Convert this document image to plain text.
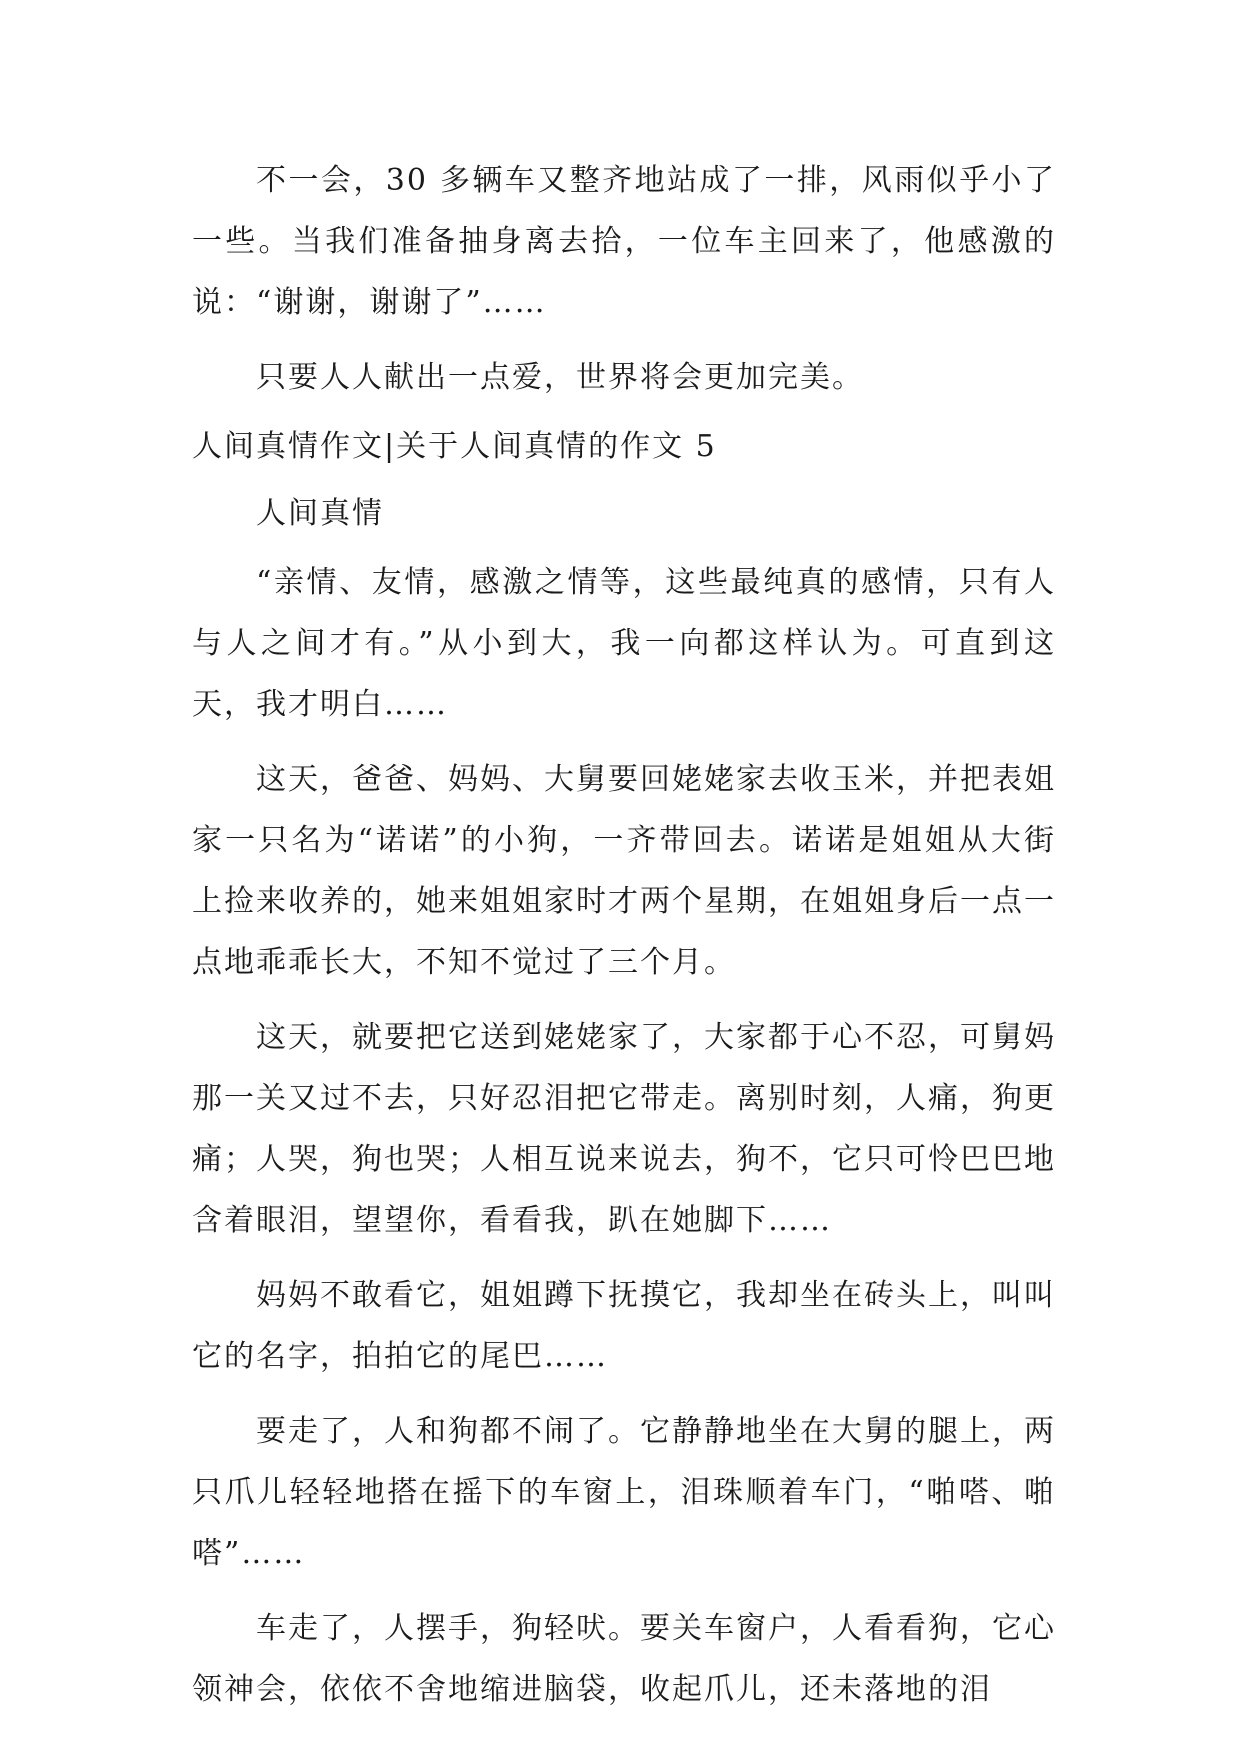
不一会，30 多辆车又整齐地站成了一排，风雨似乎小了一些。当我们准备抽身离去拾，一位车主回来了，他感激的说：“谢谢，谢谢了”……

只要人人献出一点爱，世界将会更加完美。

人间真情作文|关于人间真情的作文 5

人间真情

“亲情、友情，感激之情等，这些最纯真的感情，只有人与人之间才有。”从小到大，我一向都这样认为。可直到这天，我才明白……

这天，爸爸、妈妈、大舅要回姥姥家去收玉米，并把表姐家一只名为“诺诺”的小狗，一齐带回去。诺诺是姐姐从大街上捡来收养的，她来姐姐家时才两个星期，在姐姐身后一点一点地乖乖长大，不知不觉过了三个月。

这天，就要把它送到姥姥家了，大家都于心不忍，可舅妈那一关又过不去，只好忍泪把它带走。离别时刻，人痛，狗更痛；人哭，狗也哭；人相互说来说去，狗不，它只可怜巴巴地含着眼泪，望望你，看看我，趴在她脚下……

妈妈不敢看它，姐姐蹲下抚摸它，我却坐在砖头上，叫叫它的名字，拍拍它的尾巴……

要走了，人和狗都不闹了。它静静地坐在大舅的腿上，两只爪儿轻轻地搭在摇下的车窗上，泪珠顺着车门，“啪嗒、啪嗒”……

车走了，人摆手，狗轻吠。要关车窗户，人看看狗，它心领神会，依依不舍地缩进脑袋，收起爪儿，还未落地的泪
